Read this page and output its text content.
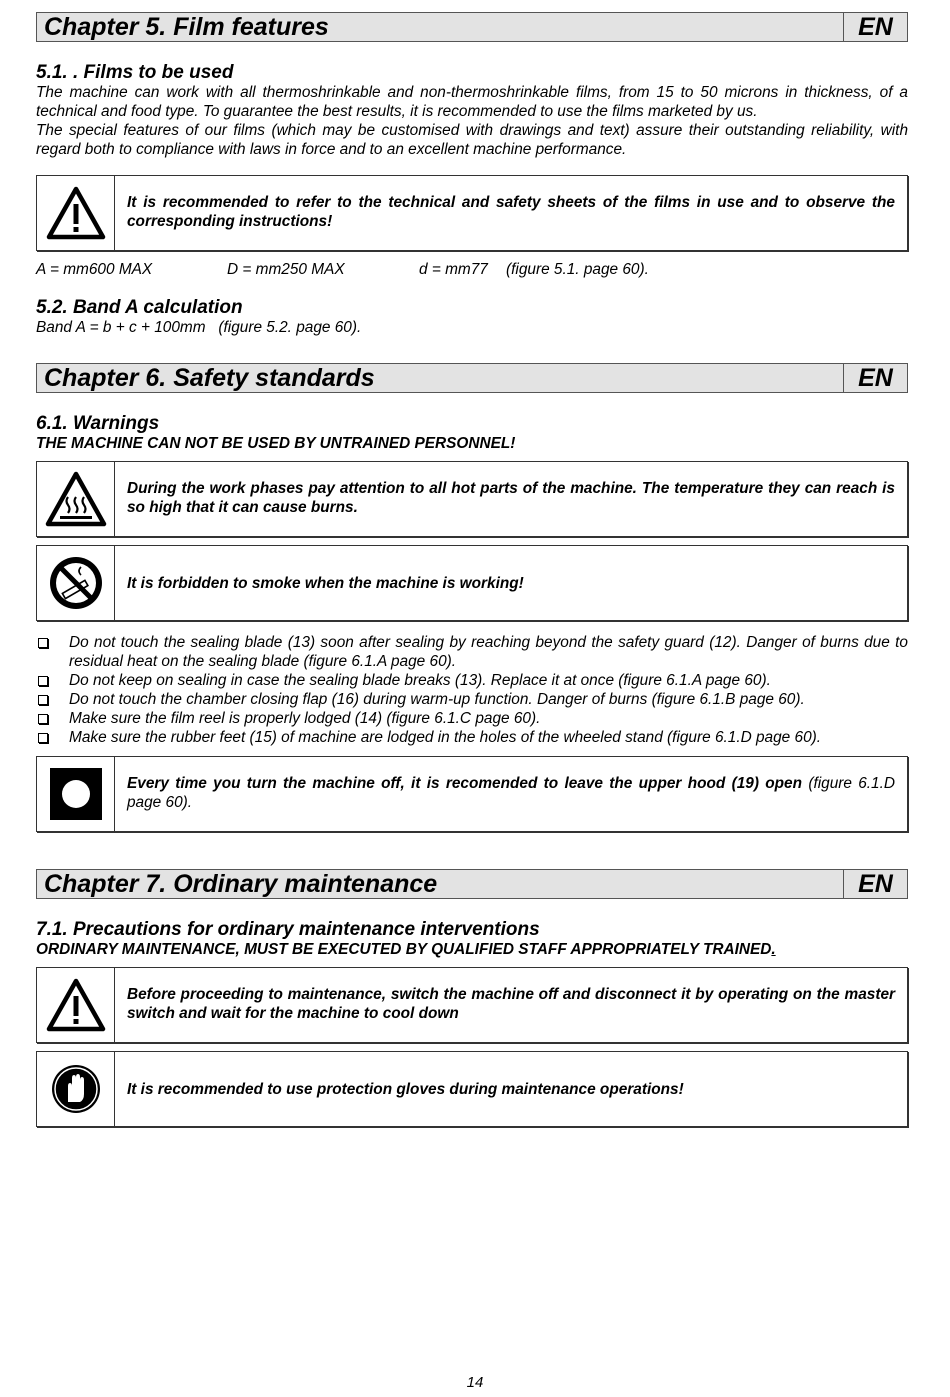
Chapter 5. Film features	EN
5.1. . Films to be used

The machine can work with all thermoshrinkable and non-thermoshrinkable films, from 15 to 50 microns in thickness, of a technical and food type. To guarantee the best results, it is recommended to use the films marketed by us.

The special features of our films (which may be customised with drawings and text) assure their outstanding reliability, with regard both to compliance with laws in force and to an excellent machine performance.

It is recommended to refer to the technical and safety sheets of the films in use and to observe the corresponding instructions!
A = mm600 MAX	D = mm250 MAX	d = mm77	(figure 5.1. page 60).
5.2. Band A calculation
Band A = b + c + 100mm (figure 5.2. page 60).
Chapter 6. Safety standards	EN
6.1. Warnings
THE MACHINE CAN NOT BE USED BY UNTRAINED PERSONNEL!
During the work phases pay attention to all hot parts of the machine. The temperature they can reach is so high that it can cause burns.
It is forbidden to smoke when the machine is working!
Do not touch the sealing blade (13) soon after sealing by reaching beyond the safety guard (12). Danger of burns due to residual heat on the sealing blade (figure 6.1.A page 60).
Do not keep on sealing in case the sealing blade breaks (13). Replace it at once (figure 6.1.A page 60).
Do not touch the chamber closing flap (16) during warm-up function. Danger of burns (figure 6.1.B page 60).
Make sure the film reel is properly lodged (14) (figure 6.1.C page 60).
Make sure the rubber feet (15) of machine are lodged in the holes of the wheeled stand (figure 6.1.D page 60).
Every time you turn the machine off, it is recomended to leave the upper hood (19) open (figure 6.1.D page 60).
Chapter 7. Ordinary maintenance	EN
7.1. Precautions for ordinary maintenance interventions
ORDINARY MAINTENANCE, MUST BE EXECUTED BY QUALIFIED STAFF APPROPRIATELY TRAINED.
Before proceeding to maintenance, switch the machine off and disconnect it by operating on the master switch and wait for the machine to cool down
It is recommended to use protection gloves during maintenance operations!
14
